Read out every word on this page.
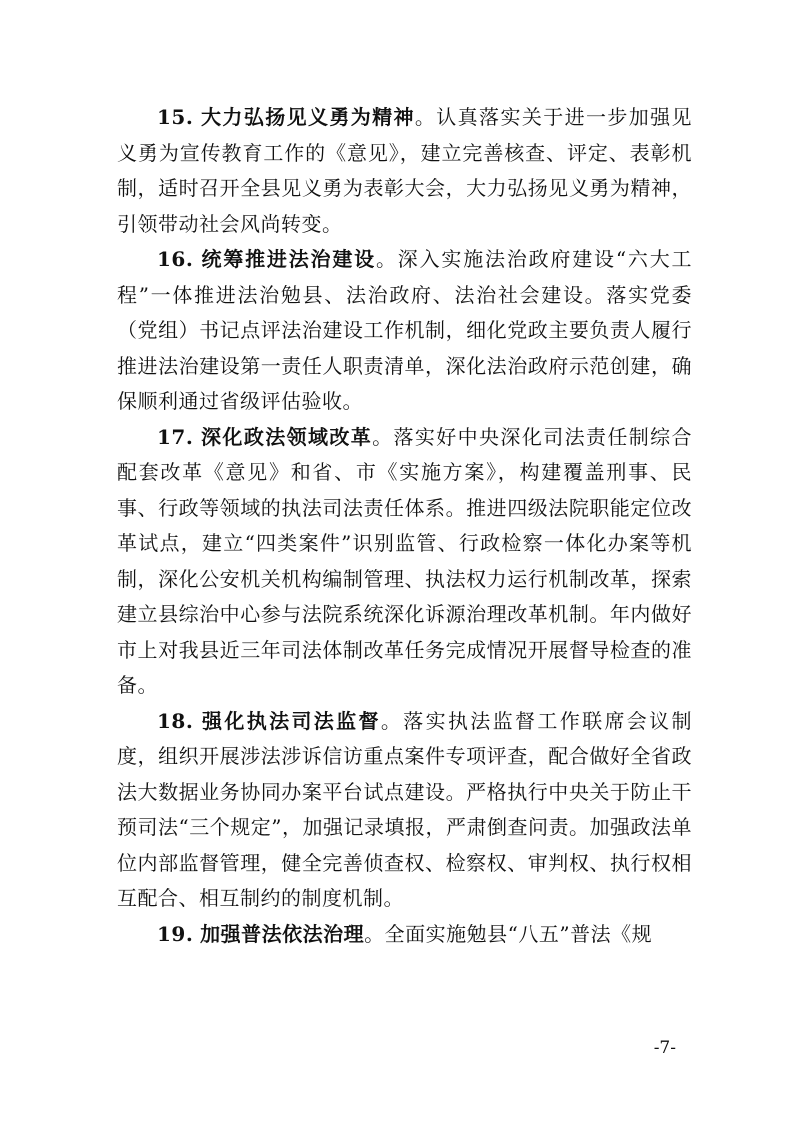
15. 大力弘扬见义勇为精神。认真落实关于进一步加强见义勇为宣传教育工作的《意见》，建立完善核查、评定、表彰机制，适时召开全县见义勇为表彰大会，大力弘扬见义勇为精神，引领带动社会风尚转变。

16. 统筹推进法治建设。深入实施法治政府建设“六大工程”一体推进法治勉县、法治政府、法治社会建设。落实党委（党组）书记点评法治建设工作机制，细化党政主要负责人履行推进法治建设第一责任人职责清单，深化法治政府示范创建，确保顺利通过省级评估验收。

17. 深化政法领域改革。落实好中央深化司法责任制综合配套改革《意见》和省、市《实施方案》，构建覆盖刑事、民事、行政等领域的执法司法责任体系。推进四级法院职能定位改革试点，建立“四类案件”识别监管、行政检察一体化办案等机制，深化公安机关机构编制管理、执法权力运行机制改革，探索建立县综治中心参与法院系统深化诉源治理改革机制。年内做好市上对我县近三年司法体制改革任务完成情况开展督导检查的准备。

18. 强化执法司法监督。落实执法监督工作联席会议制度，组织开展涉法涉诉信访重点案件专项评查，配合做好全省政法大数据业务协同办案平台试点建设。严格执行中央关于防止干预司法“三个规定”，加强记录填报，严肃倒查问责。加强政法单位内部监督管理，健全完善侦查权、检察权、审判权、执行权相互配合、相互制约的制度机制。

19. 加强普法依法治理。全面实施勉县“八五”普法《规

-7-
